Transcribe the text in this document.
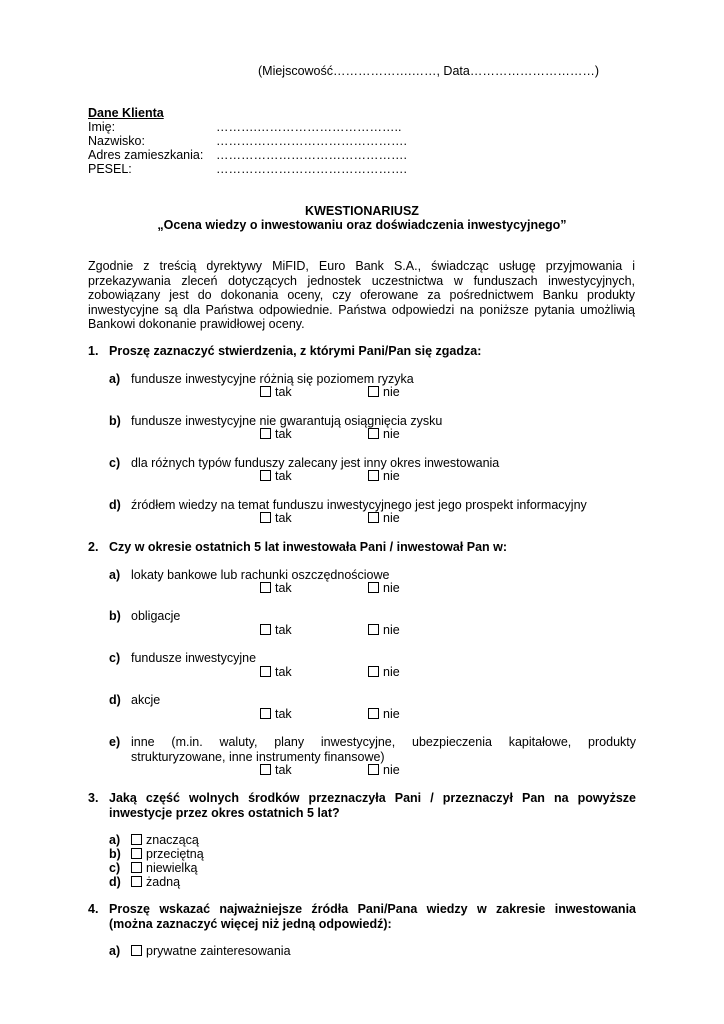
(Miejscowość……………….……, Data…………………………)
Dane Klienta
Imię:	……….……………………………..
Nazwisko:	……………………………………….
Adres zamieszkania: ……………………………………….
PESEL:	……………………………………….
KWESTIONARIUSZ
„Ocena wiedzy o inwestowaniu oraz doświadczenia inwestycyjnego”
Zgodnie z treścią dyrektywy MiFID, Euro Bank S.A., świadcząc usługę przyjmowania i przekazywania zleceń dotyczących jednostek uczestnictwa w funduszach inwestycyjnych, zobowiązany jest do dokonania oceny, czy oferowane za pośrednictwem Banku produkty inwestycyjne są dla Państwa odpowiednie. Państwa odpowiedzi na poniższe pytania umożliwią Bankowi dokonanie prawidłowej oceny.
1. Proszę zaznaczyć stwierdzenia, z którymi Pani/Pan się zgadza:
a) fundusze inwestycyjne różnią się poziomem ryzyka
tak	nie
b) fundusze inwestycyjne nie gwarantują osiągnięcia zysku
tak	nie
c) dla różnych typów funduszy zalecany jest inny okres inwestowania
tak	nie
d) źródłem wiedzy na temat funduszu inwestycyjnego jest jego prospekt informacyjny
tak	nie
2. Czy w okresie ostatnich 5 lat inwestowała Pani / inwestował Pan w:
a) lokaty bankowe lub rachunki oszczędnościowe
tak	nie
b) obligacje
tak	nie
c) fundusze inwestycyjne
tak	nie
d) akcje
tak	nie
e) inne (m.in. waluty, plany inwestycyjne, ubezpieczenia kapitałowe, produkty strukturyzowane, inne instrumenty finansowe)
tak	nie
3. Jaką część wolnych środków przeznaczyła Pani / przeznaczył Pan na powyższe inwestycje przez okres ostatnich 5 lat?
a)	znaczącą
b)	przeciętną
c)	niewielką
d)	żadną
4. Proszę wskazać najważniejsze źródła Pani/Pana wiedzy w zakresie inwestowania (można zaznaczyć więcej niż jedną odpowiedź):
a)	prywatne zainteresowania
